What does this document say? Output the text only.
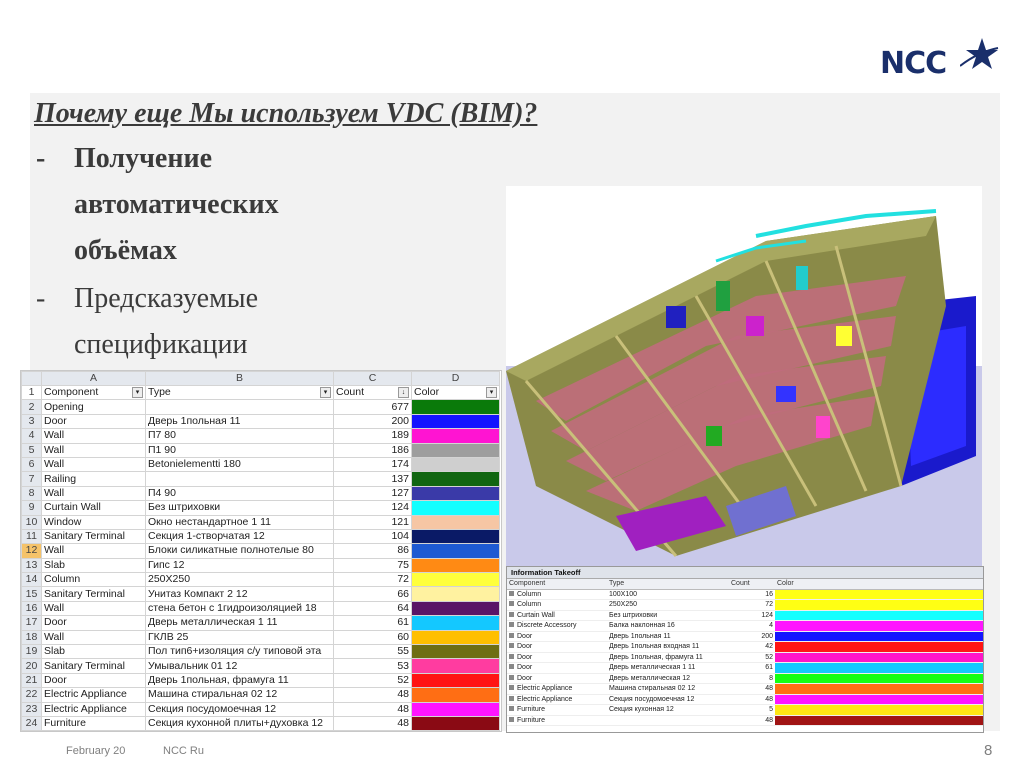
NCC
Почему еще Мы используем VDC (BIM)?
- Получение
автоматических
объёмах
- Предсказуемые
спецификации
	A	B	C	D
1	Component ▾	Type ▾	Count ↓	Color ▾

2	Opening		677	
3	Door	Дверь 1польная 11	200	
4	Wall	П7 80	189	
5	Wall	П1 90	186	
6	Wall	Betonielementti 180	174	
7	Railing		137	
8	Wall	П4 90	127	
9	Curtain Wall	Без штриховки	124	
10	Window	Окно нестандартное 1 11	121	
11	Sanitary Terminal	Секция 1-створчатая 12	104	
12	Wall	Блоки силикатные полнотелые 80	86	
13	Slab	Гипс 12	75	
14	Column	250X250	72	
15	Sanitary Terminal	Унитаз Компакт 2 12	66	
16	Wall	стена бетон с 1гидроизоляцией 18	64	
17	Door	Дверь металлическая 1 11	61	
18	Wall	ГКЛВ 25	60	
19	Slab	Пол тип6+изоляция с/у типовой эта	55	
20	Sanitary Terminal	Умывальник 01 12	53	
21	Door	Дверь 1польная, фрамуга 11	52	
22	Electric Appliance	Машина стиральная 02 12	48	
23	Electric Appliance	Секция посудомоечная 12	48	
24	Furniture	Секция кухонной плиты+духовка 12	48	
Information Takeoff
Component	Type	Count	Color
Column	100X100	16	
Column	250X250	72	
Curtain Wall	Без штриховки	124	
Discrete Accessory	Балка наклонная 16	4	
Door	Дверь 1польная 11	200	
Door	Дверь 1польная входная 11	42	
Door	Дверь 1польная, фрамуга 11	52	
Door	Дверь металлическая 1 11	61	
Door	Дверь металлическая 12	8	
Electric Appliance	Машина стиральная 02 12	48	
Electric Appliance	Секция посудомоечная 12	48	
Furniture	Секция кухонная 12	5	
Furniture		48	
February 20	NCC Ru	8
